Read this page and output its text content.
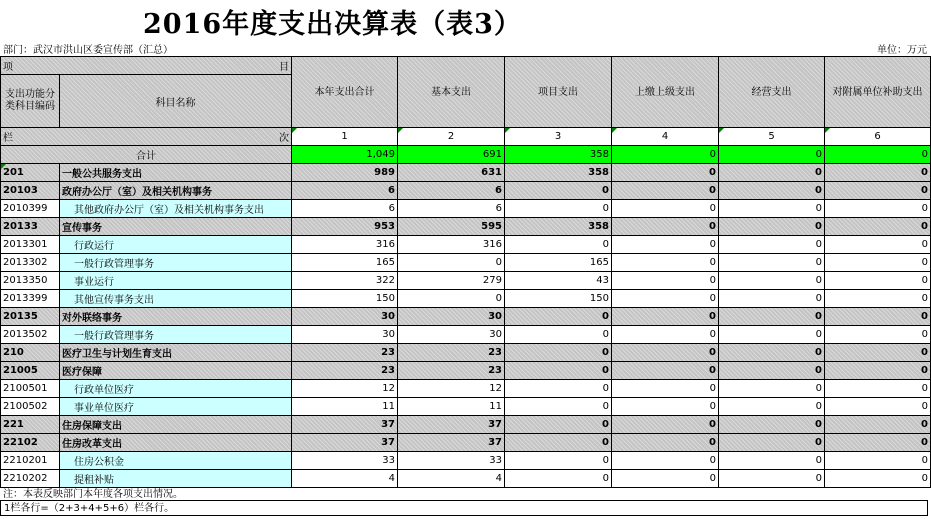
2016年度支出决算表（表3）
部门：武汉市洪山区委宣传部（汇总）	单位：万元
项 目		本年支出合计	基本支出	项目支出	上缴上级支出	经营支出	对附属单位补助支出
支出功能分类科目编码	科目名称						
栏 次		1	2	3	4	5	6
合计		1,049	691	358	0	0	0
201	一般公共服务支出	989	631	358	0	0	0
20103	政府办公厅（室）及相关机构事务	6	6	0	0	0	0
2010399	其他政府办公厅（室）及相关机构事务支出	6	6	0	0	0	0
20133	宣传事务	953	595	358	0	0	0
2013301	行政运行	316	316	0	0	0	0
2013302	一般行政管理事务	165	0	165	0	0	0
2013350	事业运行	322	279	43	0	0	0
2013399	其他宣传事务支出	150	0	150	0	0	0
20135	对外联络事务	30	30	0	0	0	0
2013502	一般行政管理事务	30	30	0	0	0	0
210	医疗卫生与计划生育支出	23	23	0	0	0	0
21005	医疗保障	23	23	0	0	0	0
2100501	行政单位医疗	12	12	0	0	0	0
2100502	事业单位医疗	11	11	0	0	0	0
221	住房保障支出	37	37	0	0	0	0
22102	住房改革支出	37	37	0	0	0	0
2210201	住房公积金	33	33	0	0	0	0
2210202	提租补贴	4	4	0	0	0	0
注：本表反映部门本年度各项支出情况。
1栏各行=（2+3+4+5+6）栏各行。
